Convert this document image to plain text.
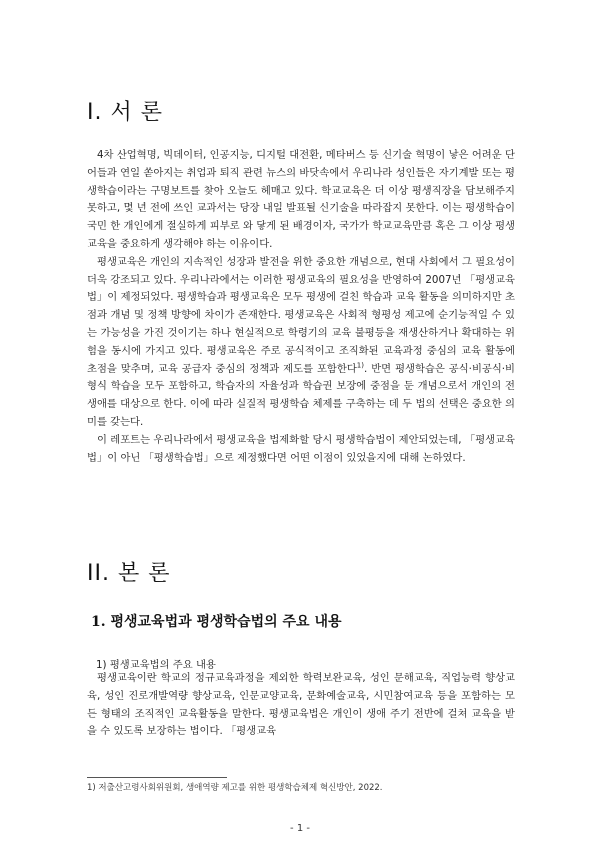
I. 서 론

4차 산업혁명, 빅데이터, 인공지능, 디지털 대전환, 메타버스 등 신기술 혁명이 낳은 어려운 단어들과 연일 쏟아지는 취업과 퇴직 관련 뉴스의 바닷속에서 우리나라 성인들은 자기계발 또는 평생학습이라는 구명보트를 찾아 오늘도 헤매고 있다. 학교교육은 더 이상 평생직장을 담보해주지 못하고, 몇 년 전에 쓰인 교과서는 당장 내일 발표될 신기술을 따라잡지 못한다. 이는 평생학습이 국민 한 개인에게 절실하게 피부로 와 닿게 된 배경이자, 국가가 학교교육만큼 혹은 그 이상 평생교육을 중요하게 생각해야 하는 이유이다.

평생교육은 개인의 지속적인 성장과 발전을 위한 중요한 개념으로, 현대 사회에서 그 필요성이 더욱 강조되고 있다. 우리나라에서는 이러한 평생교육의 필요성을 반영하여 2007년 「평생교육법」이 제정되었다. 평생학습과 평생교육은 모두 평생에 걸친 학습과 교육 활동을 의미하지만 초점과 개념 및 정책 방향에 차이가 존재한다. 평생교육은 사회적 형평성 제고에 순기능적일 수 있는 가능성을 가진 것이기는 하나 현실적으로 학령기의 교육 불평등을 재생산하거나 확대하는 위험을 동시에 가지고 있다. 평생교육은 주로 공식적이고 조직화된 교육과정 중심의 교육 활동에 초점을 맞추며, 교육 공급자 중심의 정책과 제도를 포함한다$^{1)}$. 반면 평생학습은 공식·비공식·비형식 학습을 모두 포함하고, 학습자의 자율성과 학습권 보장에 중점을 둔 개념으로서 개인의 전 생애를 대상으로 한다. 이에 따라 실질적 평생학습 체제를 구축하는 데 두 법의 선택은 중요한 의미를 갖는다.

이 레포트는 우리나라에서 평생교육을 법제화할 당시 평생학습법이 제안되었는데, 「평생교육법」이 아닌 「평생학습법」으로 제정했다면 어떤 이점이 있었을지에 대해 논하였다.

II. 본 론
1. 평생교육법과 평생학습법의 주요 내용
1) 평생교육법의 주요 내용

평생교육이란 학교의 정규교육과정을 제외한 학력보완교육, 성인 문해교육, 직업능력 향상교육, 성인 진로개발역량 향상교육, 인문교양교육, 문화예술교육, 시민참여교육 등을 포함하는 모든 형태의 조직적인 교육활동을 말한다. 평생교육법은 개인이 생애 주기 전반에 걸쳐 교육을 받을 수 있도록 보장하는 법이다. 「평생교육

1) 저출산고령사회위원회, 생애역량 제고를 위한 평생학습체제 혁신방안, 2022.
- 1 -
